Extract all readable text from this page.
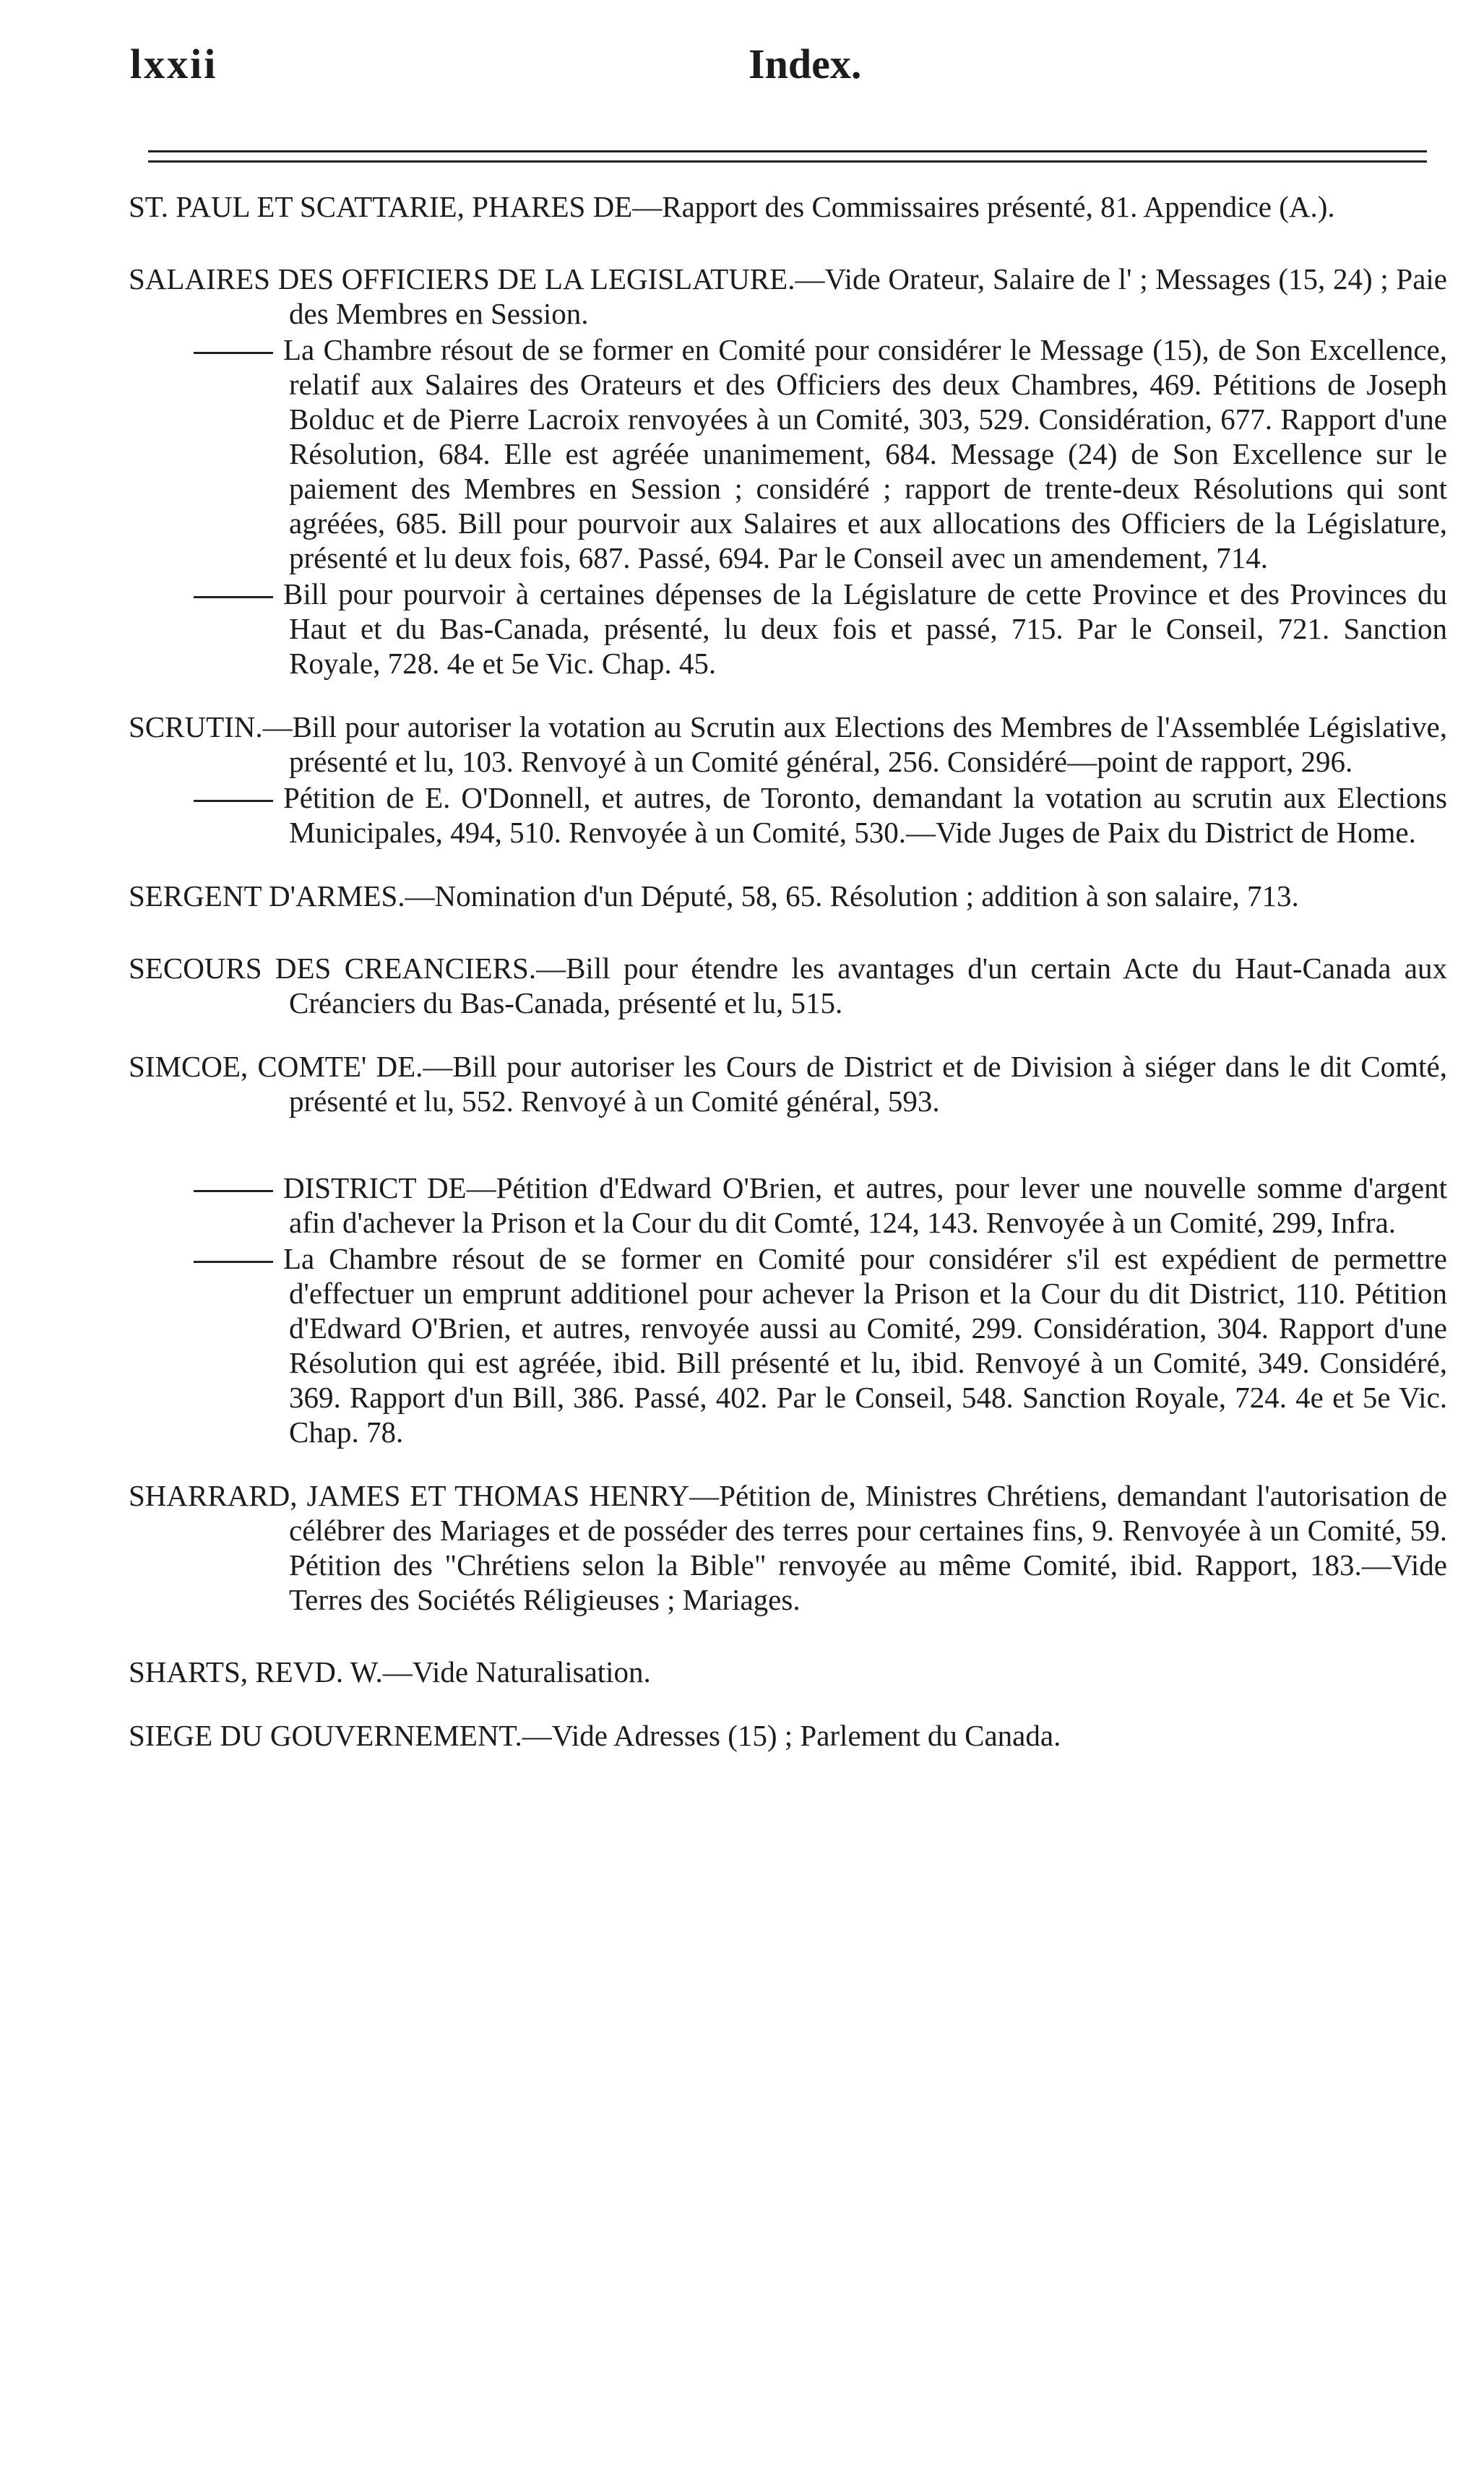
lxxii	Index.
ST. PAUL ET SCATTARIE, PHARES DE—Rapport des Commissaires présenté, 81. Appendice (A.).
SALAIRES DES OFFICIERS DE LA LEGISLATURE.—Vide Orateur, Salaire de l' ; Messages (15, 24) ; Paie des Membres en Session.
La Chambre résout de se former en Comité pour considérer le Message (15), de Son Excellence, relatif aux Salaires des Orateurs et des Officiers des deux Chambres, 469. Pétitions de Joseph Bolduc et de Pierre Lacroix renvoyées à un Comité, 303, 529. Considération, 677. Rapport d'une Résolution, 684. Elle est agréée unanimement, 684. Message (24) de Son Excellence sur le paiement des Membres en Session ; considéré ; rapport de trente-deux Résolutions qui sont agréées, 685. Bill pour pourvoir aux Salaires et aux allocations des Officiers de la Législature, présenté et lu deux fois, 687. Passé, 694. Par le Conseil avec un amendement, 714.
Bill pour pourvoir à certaines dépenses de la Législature de cette Province et des Provinces du Haut et du Bas-Canada, présenté, lu deux fois et passé, 715. Par le Conseil, 721. Sanction Royale, 728. 4e et 5e Vic. Chap. 45.
SCRUTIN.—Bill pour autoriser la votation au Scrutin aux Elections des Membres de l'Assemblée Législative, présenté et lu, 103. Renvoyé à un Comité général, 256. Considéré—point de rapport, 296.
Pétition de E. O'Donnell, et autres, de Toronto, demandant la votation au scrutin aux Elections Municipales, 494, 510. Renvoyée à un Comité, 530.—Vide Juges de Paix du District de Home.
SERGENT D'ARMES.—Nomination d'un Député, 58, 65. Résolution ; addition à son salaire, 713.
SECOURS DES CREANCIERS.—Bill pour étendre les avantages d'un certain Acte du Haut-Canada aux Créanciers du Bas-Canada, présenté et lu, 515.
SIMCOE, COMTE' DE.—Bill pour autoriser les Cours de District et de Division à siéger dans le dit Comté, présenté et lu, 552. Renvoyé à un Comité général, 593.
DISTRICT DE—Pétition d'Edward O'Brien, et autres, pour lever une nouvelle somme d'argent afin d'achever la Prison et la Cour du dit Comté, 124, 143. Renvoyée à un Comité, 299, Infra.
La Chambre résout de se former en Comité pour considérer s'il est expédient de permettre d'effectuer un emprunt additionel pour achever la Prison et la Cour du dit District, 110. Pétition d'Edward O'Brien, et autres, renvoyée aussi au Comité, 299. Considération, 304. Rapport d'une Résolution qui est agréée, ibid. Bill présenté et lu, ibid. Renvoyé à un Comité, 349. Considéré, 369. Rapport d'un Bill, 386. Passé, 402. Par le Conseil, 548. Sanction Royale, 724. 4e et 5e Vic. Chap. 78.
SHARRARD, JAMES ET THOMAS HENRY—Pétition de, Ministres Chrétiens, demandant l'autorisation de célébrer des Mariages et de posséder des terres pour certaines fins, 9. Renvoyée à un Comité, 59. Pétition des "Chrétiens selon la Bible" renvoyée au même Comité, ibid. Rapport, 183.—Vide Terres des Sociétés Réligieuses ; Mariages.
SHARTS, REVD. W.—Vide Naturalisation.
SIEGE DU GOUVERNEMENT.—Vide Adresses (15) ; Parlement du Canada.
